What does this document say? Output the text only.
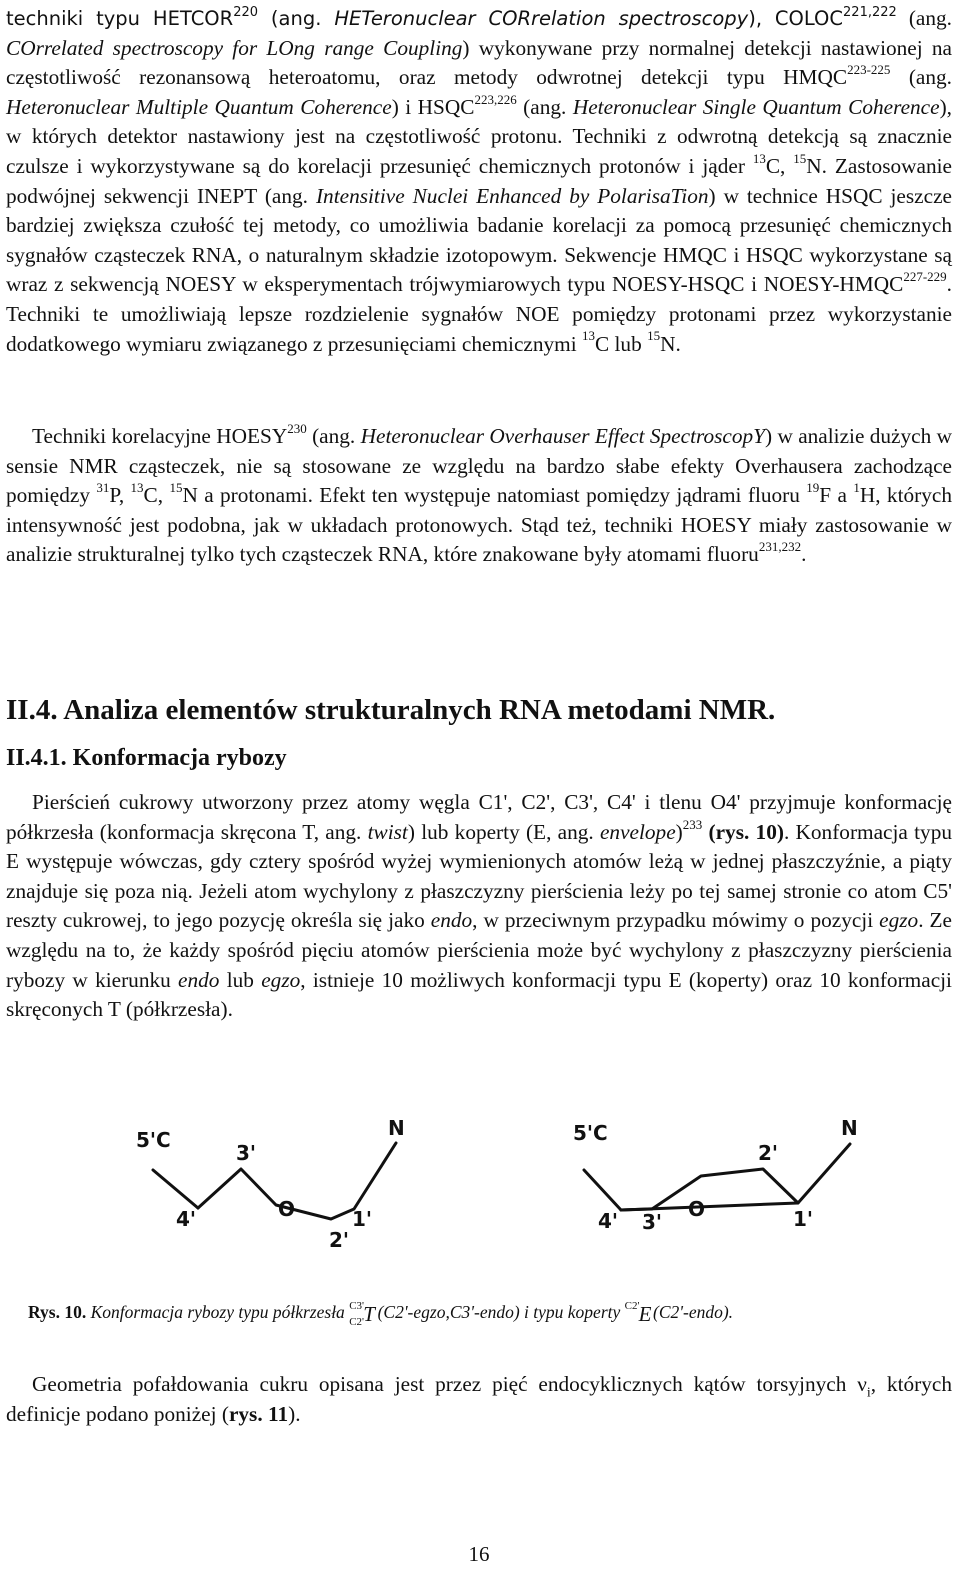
techniki typu HETCOR$^{220}$ (ang. HETeronuclear CORrelation spectroscopy), COLOC$^{221,222}$ (ang. COrrelated spectroscopy for LOng range Coupling) wykonywane przy normalnej detekcji nastawionej na częstotliwość rezonansową heteroatomu, oraz metody odwrotnej detekcji typu HMQC$^{223-225}$ (ang. Heteronuclear Multiple Quantum Coherence) i HSQC$^{223,226}$ (ang. Heteronuclear Single Quantum Coherence), w których detektor nastawiony jest na częstotliwość protonu. Techniki z odwrotną detekcją są znacznie czulsze i wykorzystywane są do korelacji przesunięć chemicznych protonów i jąder $^{13}$C, $^{15}$N. Zastosowanie podwójnej sekwencji INEPT (ang. Intensitive Nuclei Enhanced by PolarisaTion) w technice HSQC jeszcze bardziej zwiększa czułość tej metody, co umożliwia badanie korelacji za pomocą przesunięć chemicznych sygnałów cząsteczek RNA, o naturalnym składzie izotopowym. Sekwencje HMQC i HSQC wykorzystane są wraz z sekwencją NOESY w eksperymentach trójwymiarowych typu NOESY-HSQC i NOESY-HMQC$^{227-229}$. Techniki te umożliwiają lepsze rozdzielenie sygnałów NOE pomiędzy protonami przez wykorzystanie dodatkowego wymiaru związanego z przesunięciami chemicznymi $^{13}$C lub $^{15}$N.

Techniki korelacyjne HOESY$^{230}$ (ang. Heteronuclear Overhauser Effect SpectroscopY) w analizie dużych w sensie NMR cząsteczek, nie są stosowane ze względu na bardzo słabe efekty Overhausera zachodzące pomiędzy $^{31}$P, $^{13}$C, $^{15}$N a protonami. Efekt ten występuje natomiast pomiędzy jądrami fluoru $^{19}$F a $^1$H, których intensywność jest podobna, jak w układach protonowych. Stąd też, techniki HOESY miały zastosowanie w analizie strukturalnej tylko tych cząsteczek RNA, które znakowane były atomami fluoru$^{231,232}$.

II.4. Analiza elementów strukturalnych RNA metodami NMR.
II.4.1. Konformacja rybozy

Pierścień cukrowy utworzony przez atomy węgla C1', C2', C3', C4' i tlenu O4' przyjmuje konformację półkrzesła (konformacja skręcona T, ang. twist) lub koperty (E, ang. envelope)$^{233}$ (rys. 10). Konformacja typu E występuje wówczas, gdy cztery spośród wyżej wymienionych atomów leżą w jednej płaszczyźnie, a piąty znajduje się poza nią. Jeżeli atom wychylony z płaszczyzny pierścienia leży po tej samej stronie co atom C5' reszty cukrowej, to jego pozycję określa się jako endo, w przeciwnym przypadku mówimy o pozycji egzo. Ze względu na to, że każdy spośród pięciu atomów pierścienia może być wychylony z płaszczyzny pierścienia rybozy w kierunku endo lub egzo, istnieje 10 możliwych konformacji typu E (koperty) oraz 10 konformacji skręconych T (półkrzesła).

5'C	N
3'
4'	O	1'
2'
5'C	N
2'
4'	O	1'
3'
Rys. 10. Konformacja rybozy typu półkrzesła C3'
C2' T
(C2'-egzo,C3'-endo) i typu koperty C2' E
(C2'-endo).

Geometria pofałdowania cukru opisana jest przez pięć endocyklicznych kątów torsyjnych $\nu_i$, których definicje podano poniżej (rys. 11).

16
